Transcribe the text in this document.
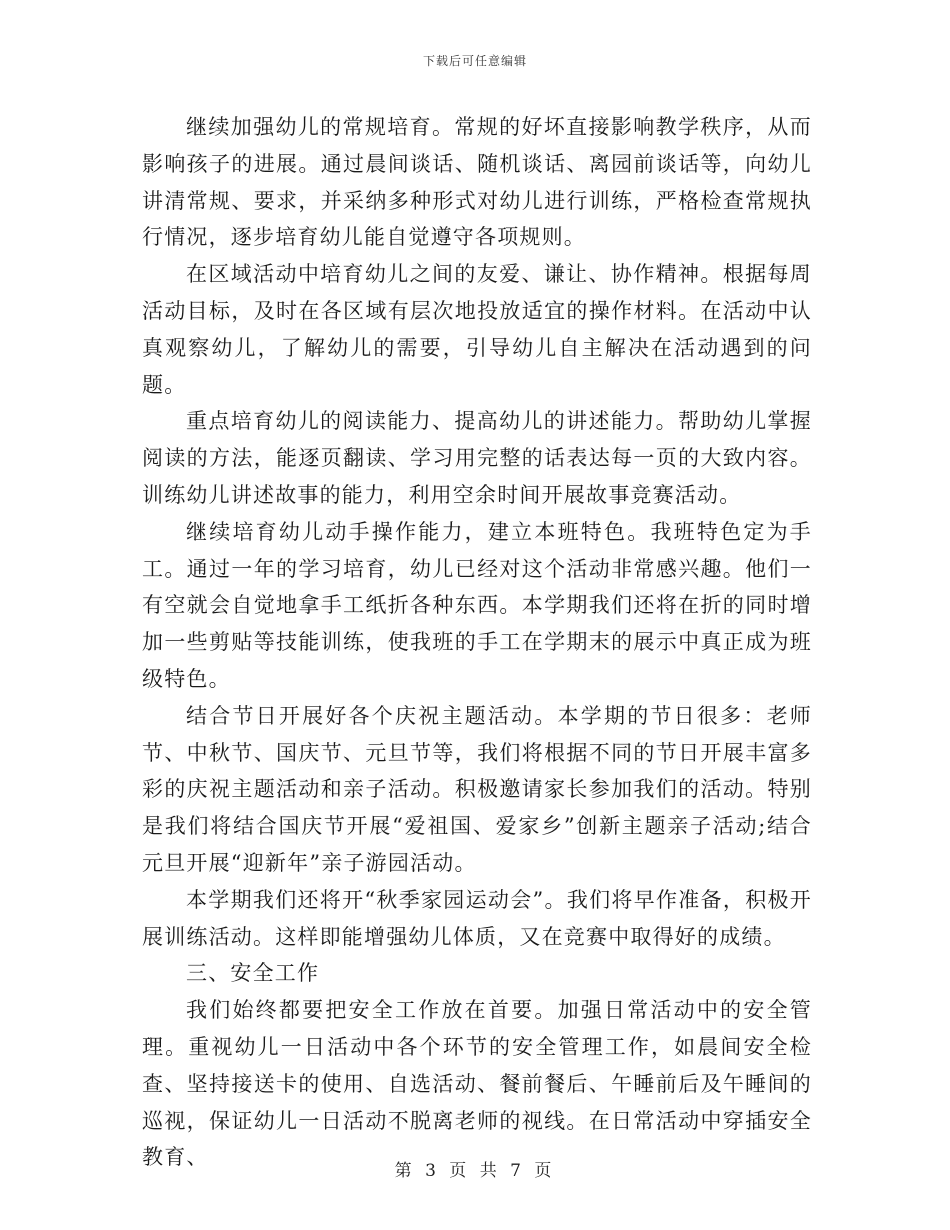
下载后可任意编辑

继续加强幼儿的常规培育。常规的好坏直接影响教学秩序，从而影响孩子的进展。通过晨间谈话、随机谈话、离园前谈话等，向幼儿讲清常规、要求，并采纳多种形式对幼儿进行训练，严格检查常规执行情况，逐步培育幼儿能自觉遵守各项规则。

在区域活动中培育幼儿之间的友爱、谦让、协作精神。根据每周活动目标，及时在各区域有层次地投放适宜的操作材料。在活动中认真观察幼儿，了解幼儿的需要，引导幼儿自主解决在活动遇到的问题。

重点培育幼儿的阅读能力、提高幼儿的讲述能力。帮助幼儿掌握阅读的方法，能逐页翻读、学习用完整的话表达每一页的大致内容。训练幼儿讲述故事的能力，利用空余时间开展故事竞赛活动。

继续培育幼儿动手操作能力，建立本班特色。我班特色定为手工。通过一年的学习培育，幼儿已经对这个活动非常感兴趣。他们一有空就会自觉地拿手工纸折各种东西。本学期我们还将在折的同时增加一些剪贴等技能训练，使我班的手工在学期末的展示中真正成为班级特色。

结合节日开展好各个庆祝主题活动。本学期的节日很多：老师节、中秋节、国庆节、元旦节等，我们将根据不同的节日开展丰富多彩的庆祝主题活动和亲子活动。积极邀请家长参加我们的活动。特别是我们将结合国庆节开展“爱祖国、爱家乡”创新主题亲子活动;结合元旦开展“迎新年”亲子游园活动。

本学期我们还将开“秋季家园运动会”。我们将早作准备，积极开展训练活动。这样即能增强幼儿体质，又在竞赛中取得好的成绩。

三、安全工作

我们始终都要把安全工作放在首要。加强日常活动中的安全管理。重视幼儿一日活动中各个环节的安全管理工作，如晨间安全检查、坚持接送卡的使用、自选活动、餐前餐后、午睡前后及午睡间的巡视，保证幼儿一日活动不脱离老师的视线。在日常活动中穿插安全教育、

第 3 页 共 7 页
